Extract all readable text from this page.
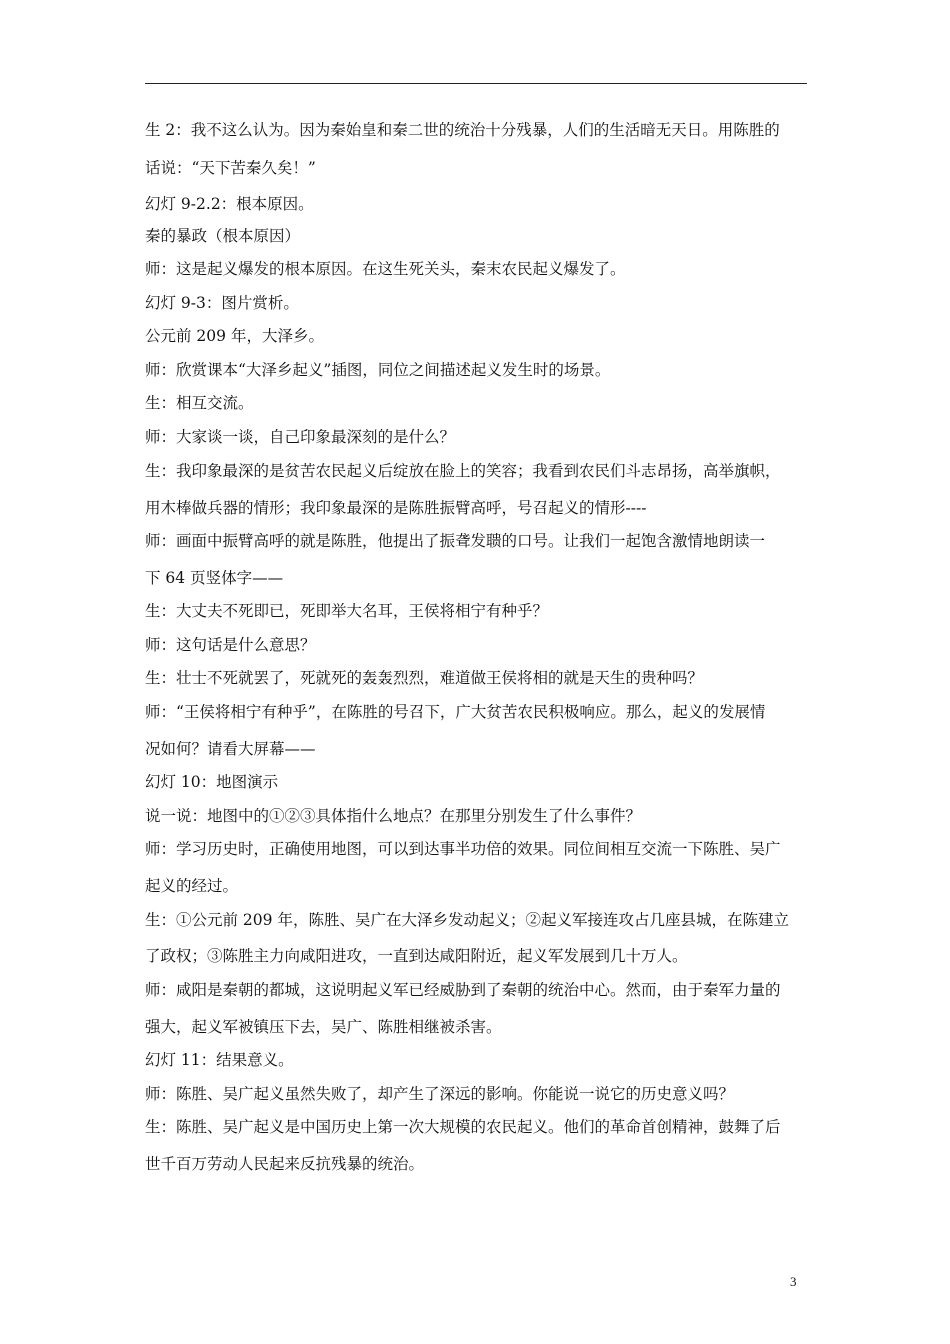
生 2：我不这么认为。因为秦始皇和秦二世的统治十分残暴，人们的生活暗无天日。用陈胜的
话说：“天下苦秦久矣！”
幻灯 9-2.2：根本原因。
秦的暴政（根本原因）
师：这是起义爆发的根本原因。在这生死关头，秦末农民起义爆发了。
幻灯 9-3：图片赏析。
公元前 209 年，大泽乡。
师：欣赏课本“大泽乡起义”插图，同位之间描述起义发生时的场景。
生：相互交流。
师：大家谈一谈，自己印象最深刻的是什么？
生：我印象最深的是贫苦农民起义后绽放在脸上的笑容；我看到农民们斗志昂扬，高举旗帜，
用木棒做兵器的情形；我印象最深的是陈胜振臂高呼，号召起义的情形----
师：画面中振臂高呼的就是陈胜，他提出了振聋发聩的口号。让我们一起饱含激情地朗读一
下 64 页竖体字——
生：大丈夫不死即已，死即举大名耳，王侯将相宁有种乎？
师：这句话是什么意思？
生：壮士不死就罢了，死就死的轰轰烈烈，难道做王侯将相的就是天生的贵种吗？
师：“王侯将相宁有种乎”，在陈胜的号召下，广大贫苦农民积极响应。那么，起义的发展情
况如何？请看大屏幕——
幻灯 10：地图演示
说一说：地图中的①②③具体指什么地点？在那里分别发生了什么事件？
师：学习历史时，正确使用地图，可以到达事半功倍的效果。同位间相互交流一下陈胜、吴广
起义的经过。
生：①公元前 209 年，陈胜、吴广在大泽乡发动起义；②起义军接连攻占几座县城，在陈建立
了政权；③陈胜主力向咸阳进攻，一直到达咸阳附近，起义军发展到几十万人。
师：咸阳是秦朝的都城，这说明起义军已经威胁到了秦朝的统治中心。然而，由于秦军力量的
强大，起义军被镇压下去，吴广、陈胜相继被杀害。
幻灯 11：结果意义。
师：陈胜、吴广起义虽然失败了，却产生了深远的影响。你能说一说它的历史意义吗？
生：陈胜、吴广起义是中国历史上第一次大规模的农民起义。他们的革命首创精神，鼓舞了后
世千百万劳动人民起来反抗残暴的统治。
3
